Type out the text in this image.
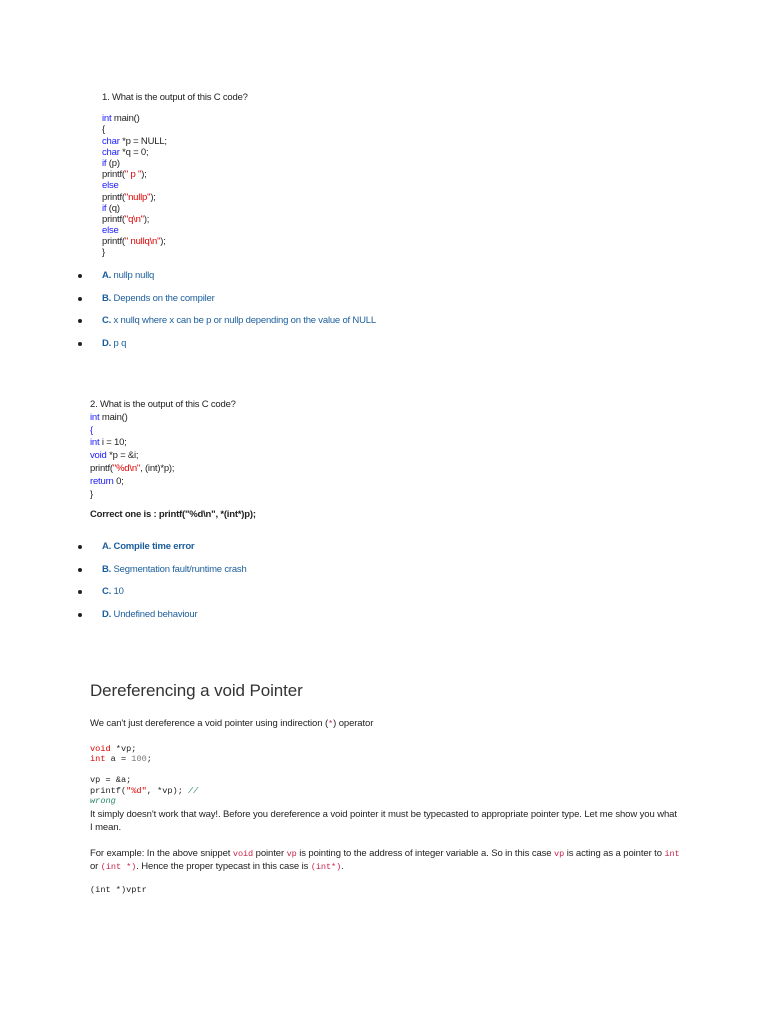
1. What is the output of this C code?
int main()
{
char *p = NULL;
char *q = 0;
if (p)
printf(" p ");
else
printf("nullp");
if (q)
printf("q\n");
else
printf(" nullq\n");
}
A. nullp nullq
B. Depends on the compiler
C. x nullq where x can be p or nullp depending on the value of NULL
D. p q
2. What is the output of this C code?
int main()
{
int i = 10;
void *p = &i;
printf("%d\n", (int)*p);
return 0;
}
Correct one is : printf("%d\n", *(int*)p);
A. Compile time error
B. Segmentation fault/runtime crash
C. 10
D. Undefined behaviour
Dereferencing a void Pointer
We can't just dereference a void pointer using indirection (*) operator
void *vp;
int a = 100;
vp = &a;
printf("%d", *vp); //
wrong
It simply doesn't work that way!. Before you dereference a void pointer it must be typecasted to appropriate pointer type. Let me show you what I mean.
For example: In the above snippet void pointer vp is pointing to the address of integer variable a. So in this case vp is acting as a pointer to int or (int *). Hence the proper typecast in this case is (int*).
(int *)vptr
